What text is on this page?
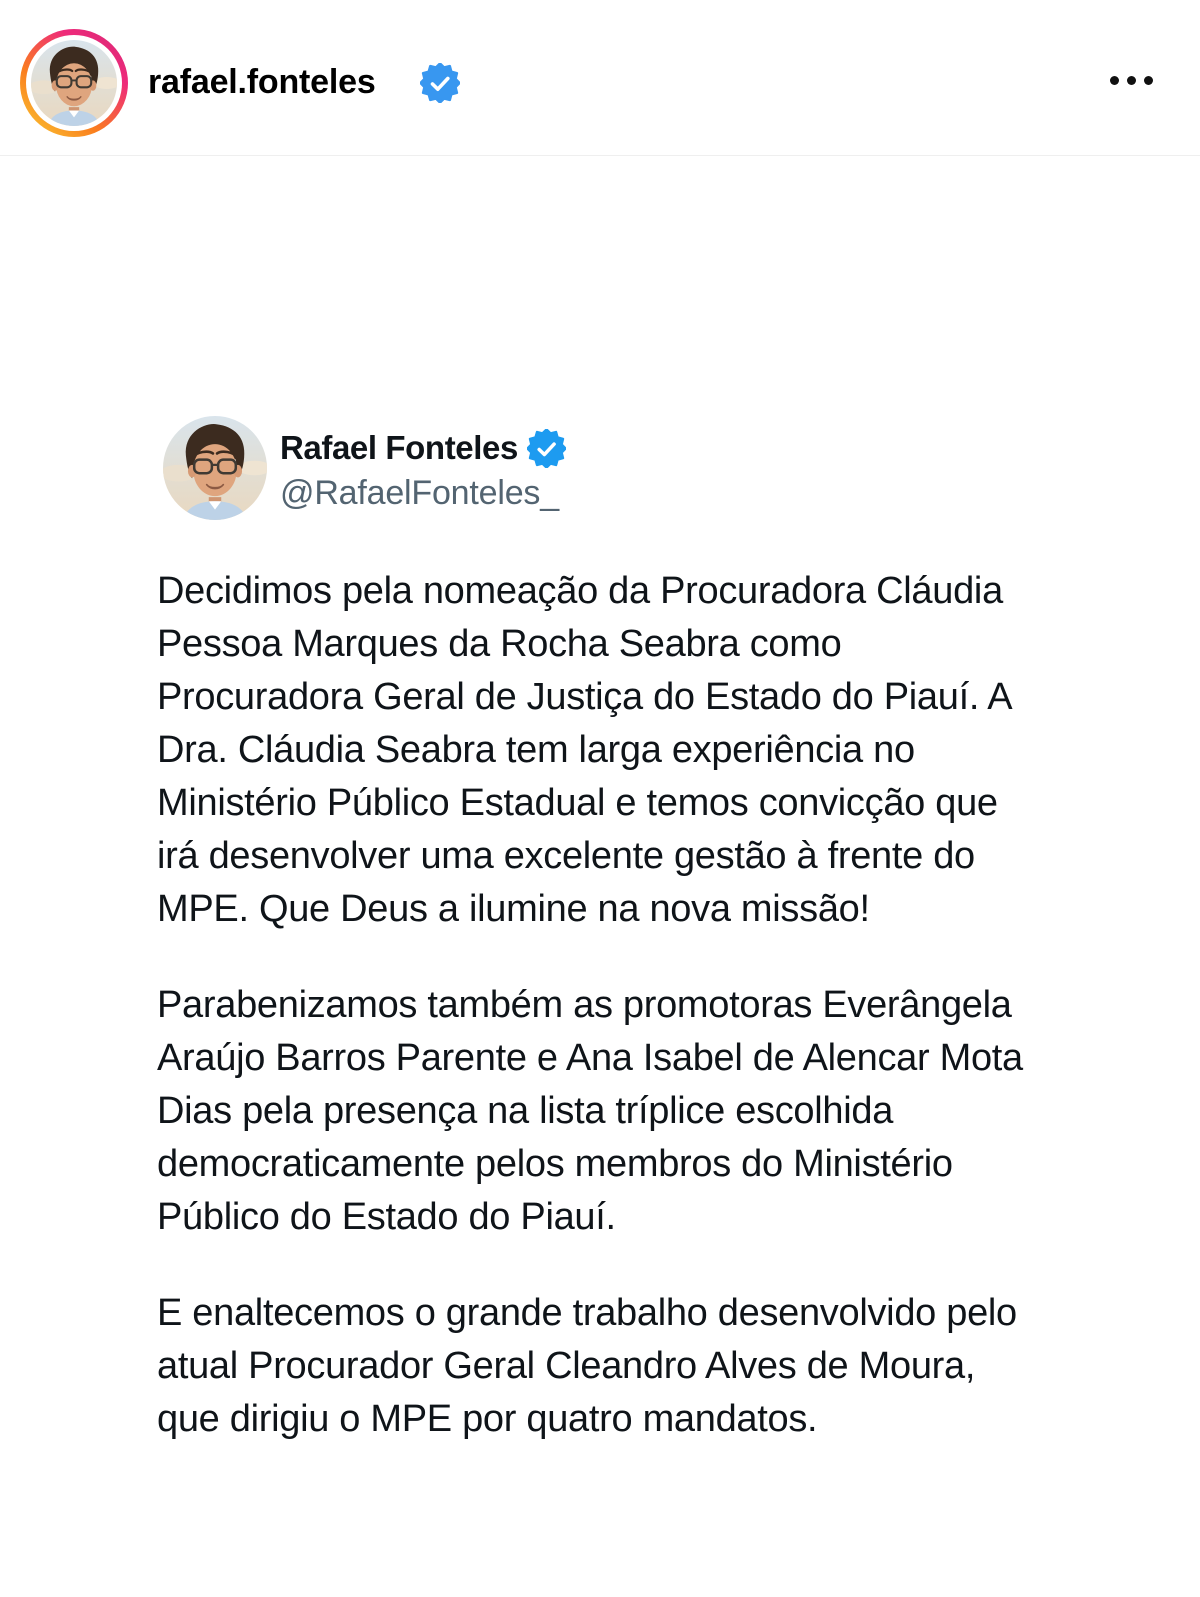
rafael.fonteles
Rafael Fonteles
@RafaelFonteles_

Decidimos pela nomeação da Procuradora Cláudia
Pessoa Marques da Rocha Seabra como
Procuradora Geral de Justiça do Estado do Piauí. A
Dra. Cláudia Seabra tem larga experiência no
Ministério Público Estadual e temos convicção que
irá desenvolver uma excelente gestão à frente do
MPE. Que Deus a ilumine na nova missão!

Parabenizamos também as promotoras Everângela
Araújo Barros Parente e Ana Isabel de Alencar Mota
Dias pela presença na lista tríplice escolhida
democraticamente pelos membros do Ministério
Público do Estado do Piauí.

E enaltecemos o grande trabalho desenvolvido pelo
atual Procurador Geral Cleandro Alves de Moura,
que dirigiu o MPE por quatro mandatos.
